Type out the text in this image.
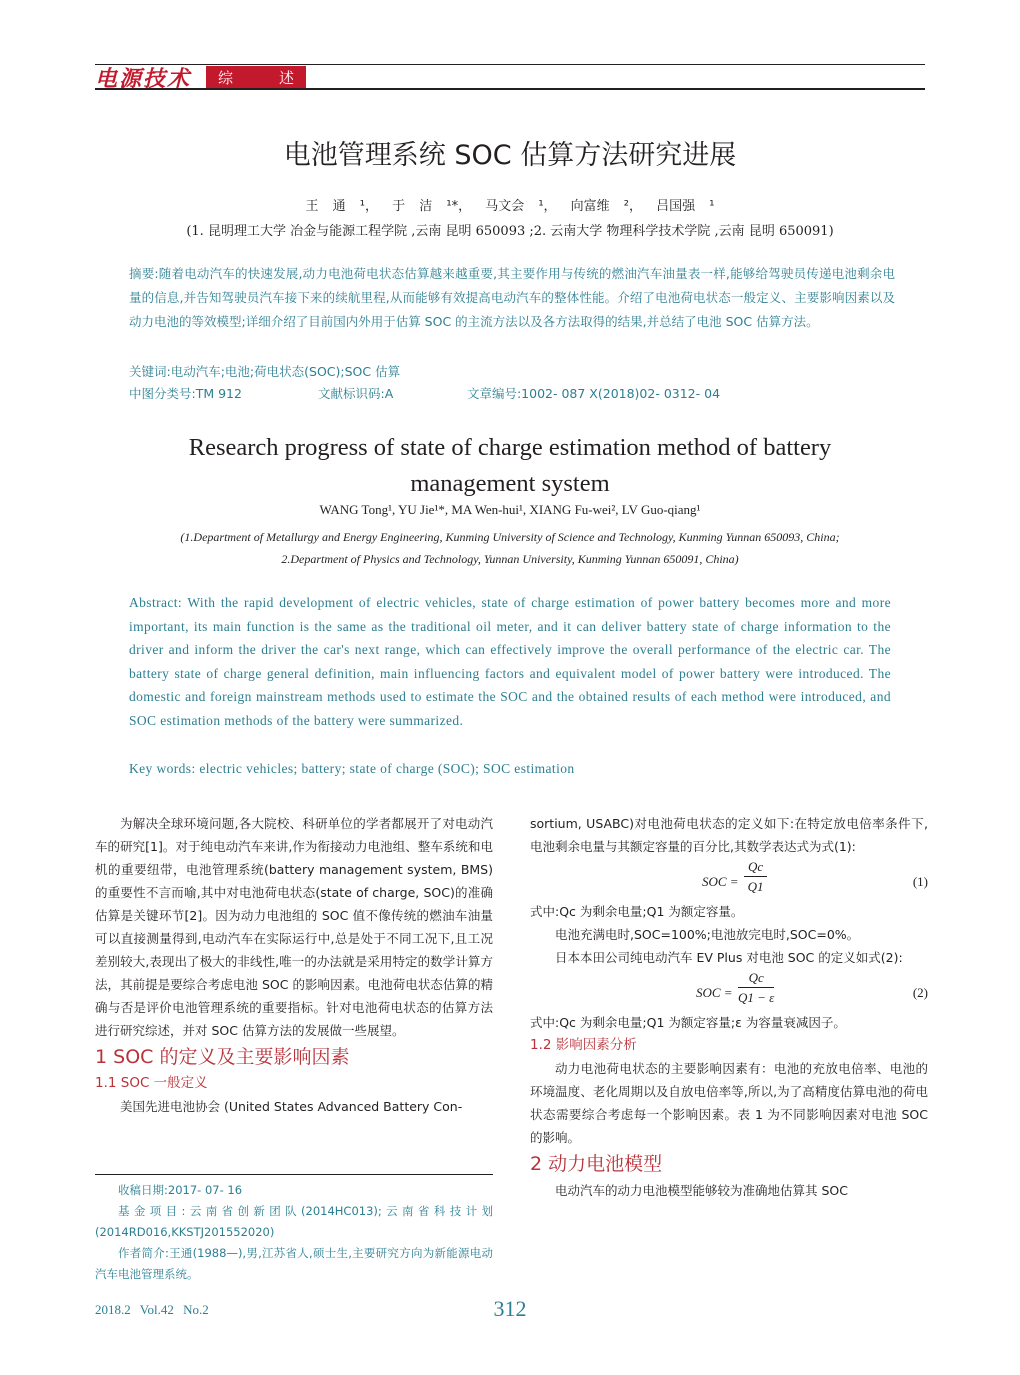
电源技术 综	述
电池管理系统 SOC 估算方法研究进展
王 通 ¹， 于 洁 ¹*， 马文会 ¹， 向富维 ²， 吕国强 ¹
(1. 昆明理工大学 冶金与能源工程学院 ,云南 昆明 650093 ;2. 云南大学 物理科学技术学院 ,云南 昆明 650091)
摘要:随着电动汽车的快速发展,动力电池荷电状态估算越来越重要,其主要作用与传统的燃油汽车油量表一样,能够给驾驶员传递电池剩余电量的信息,并告知驾驶员汽车接下来的续航里程,从而能够有效提高电动汽车的整体性能。介绍了电池荷电状态一般定义、主要影响因素以及动力电池的等效模型;详细介绍了目前国内外用于估算 SOC 的主流方法以及各方法取得的结果,并总结了电池 SOC 估算方法。
关键词:电动汽车;电池;荷电状态(SOC);SOC 估算
中图分类号:TM 912	文献标识码:A	文章编号:1002- 087 X(2018)02- 0312- 04
Research progress of state of charge estimation method of battery management system
WANG Tong¹, YU Jie¹*, MA Wen-hui¹, XIANG Fu-wei², LV Guo-qiang¹
(1.Department of Metallurgy and Energy Engineering, Kunming University of Science and Technology, Kunming Yunnan 650093, China;
2.Department of Physics and Technology, Yunnan University, Kunming Yunnan 650091, China)
Abstract: With the rapid development of electric vehicles, state of charge estimation of power battery becomes more and more important, its main function is the same as the traditional oil meter, and it can deliver battery state of charge information to the driver and inform the driver the car's next range, which can effectively improve the overall performance of the electric car. The battery state of charge general definition, main influencing factors and equivalent model of power battery were introduced. The domestic and foreign mainstream methods used to estimate the SOC and the obtained results of each method were introduced, and SOC estimation methods of the battery were summarized.
Key words: electric vehicles; battery; state of charge (SOC); SOC estimation

为解决全球环境问题,各大院校、科研单位的学者都展开了对电动汽车的研究[1]。对于纯电动汽车来讲,作为衔接动力电池组、整车系统和电机的重要纽带，电池管理系统(battery management system, BMS)的重要性不言而喻,其中对电池荷电状态(state of charge, SOC)的准确估算是关键环节[2]。因为动力电池组的 SOC 值不像传统的燃油车油量可以直接测量得到,电动汽车在实际运行中,总是处于不同工况下,且工况差别较大,表现出了极大的非线性,唯一的办法就是采用特定的数学计算方法，其前提是要综合考虑电池 SOC 的影响因素。电池荷电状态估算的精确与否是评价电池管理系统的重要指标。针对电池荷电状态的估算方法进行研究综述，并对 SOC 估算方法的发展做一些展望。

1 SOC 的定义及主要影响因素
1.1 SOC 一般定义

美国先进电池协会 (United States Advanced Battery Con-

收稿日期:2017- 07- 16

基金项目:云南省创新团队(2014HC013);云南省科技计划(2014RD016,KKSTJ201552020)

作者简介:王通(1988—),男,江苏省人,硕士生,主要研究方向为新能源电动汽车电池管理系统。

sortium, USABC)对电池荷电状态的定义如下:在特定放电倍率条件下,电池剩余电量与其额定容量的百分比,其数学表达式为式(1):

SOC = $\frac{Qc}{Q1}$	(1)

式中:Qc 为剩余电量;Q1 为额定容量。

电池充满电时,SOC=100%;电池放完电时,SOC=0%。

日本本田公司纯电动汽车 EV Plus 对电池 SOC 的定义如式(2):

SOC = $\frac{Qc}{Q1 - \varepsilon}$	(2)

式中:Qc 为剩余电量;Q1 为额定容量;ε 为容量衰减因子。

1.2 影响因素分析

动力电池荷电状态的主要影响因素有：电池的充放电倍率、电池的环境温度、老化周期以及自放电倍率等,所以,为了高精度估算电池的荷电状态需要综合考虑每一个影响因素。表 1 为不同影响因素对电池 SOC 的影响。

2 动力电池模型

电动汽车的动力电池模型能够较为准确地估算其 SOC

2018.2 Vol.42 No.2	312
